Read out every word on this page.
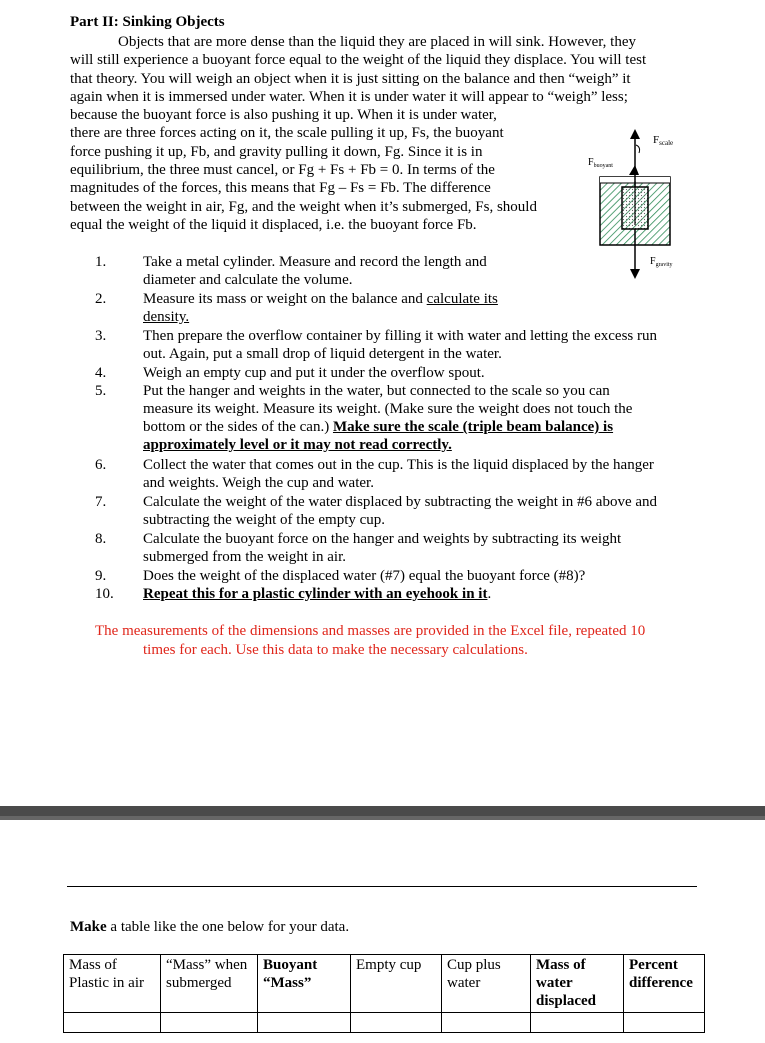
Part II: Sinking Objects
Objects that are more dense than the liquid they are placed in will sink. However, they
will still experience a buoyant force equal to the weight of the liquid they displace. You will test
that theory. You will weigh an object when it is just sitting on the balance and then “weigh” it
again when it is immersed under water. When it is under water it will appear to “weigh” less;
because the buoyant force is also pushing it up. When it is under water,
there are three forces acting on it, the scale pulling it up, Fs, the buoyant
force pushing it up, Fb, and gravity pulling it down, Fg. Since it is in
equilibrium, the three must cancel, or Fg + Fs + Fb = 0. In terms of the
magnitudes of the forces, this means that Fg – Fs = Fb. The difference
between the weight in air, Fg, and the weight when it’s submerged, Fs, should
equal the weight of the liquid it displaced, i.e. the buoyant force Fb.
Fscale
$F_{buoyant}$
$F_{gravity}$
1. Take a metal cylinder. Measure and record the length and
diameter and calculate the volume.
2. Measure its mass or weight on the balance and calculate its
density.
3. Then prepare the overflow container by filling it with water and letting the excess run
out. Again, put a small drop of liquid detergent in the water.
4. Weigh an empty cup and put it under the overflow spout.
5. Put the hanger and weights in the water, but connected to the scale so you can
measure its weight. Measure its weight. (Make sure the weight does not touch the
bottom or the sides of the can.) Make sure the scale (triple beam balance) is
approximately level or it may not read correctly.
6. Collect the water that comes out in the cup. This is the liquid displaced by the hanger
and weights. Weigh the cup and water.
7. Calculate the weight of the water displaced by subtracting the weight in #6 above and
subtracting the weight of the empty cup.
8. Calculate the buoyant force on the hanger and weights by subtracting its weight
submerged from the weight in air.
9. Does the weight of the displaced water (#7) equal the buoyant force (#8)?
10. Repeat this for a plastic cylinder with an eyehook in it.
The measurements of the dimensions and masses are provided in the Excel file, repeated 10
times for each. Use this data to make the necessary calculations.
Make a table like the one below for your data.
Mass of Plastic in air	“Mass” when submerged	Buoyant “Mass”	Empty cup	Cup plus water	Mass of water displaced	Percent difference
